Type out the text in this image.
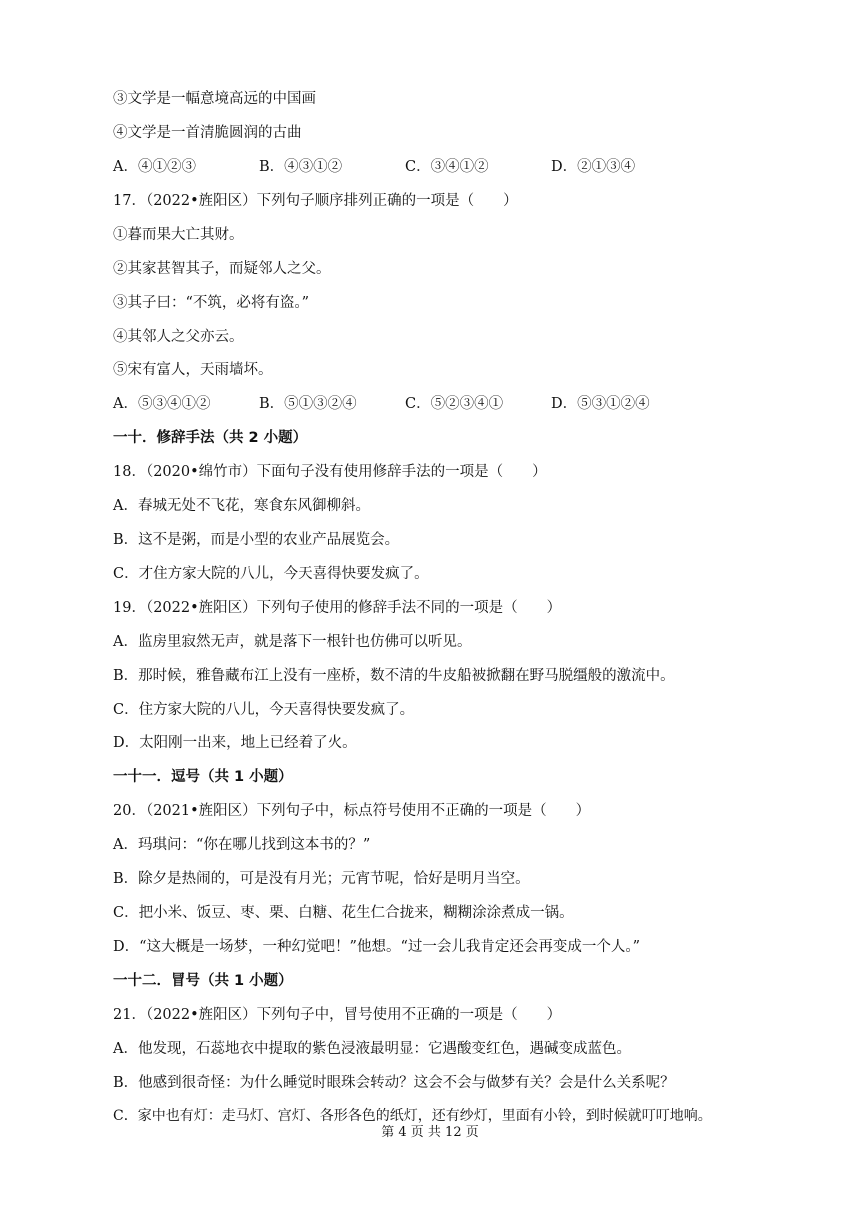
③文学是一幅意境高远的中国画
④文学是一首清脆圆润的古曲
A．④①②③	B．④③①②	C．③④①②	D．②①③④
17．（2022•旌阳区）下列句子顺序排列正确的一项是（　　）
①暮而果大亡其财。
②其家甚智其子，而疑邻人之父。
③其子曰：“不筑，必将有盗。”
④其邻人之父亦云。
⑤宋有富人，天雨墙坏。
A．⑤③④①②	B．⑤①③②④	C．⑤②③④①	D．⑤③①②④
一十．修辞手法（共 2 小题）
18．（2020•绵竹市）下面句子没有使用修辞手法的一项是（　　）
A．春城无处不飞花，寒食东风御柳斜。
B．这不是粥，而是小型的农业产品展览会。
C．才住方家大院的八儿，今天喜得快要发疯了。
19．（2022•旌阳区）下列句子使用的修辞手法不同的一项是（　　）
A．监房里寂然无声，就是落下一根针也仿佛可以听见。
B．那时候，雅鲁藏布江上没有一座桥，数不清的牛皮船被掀翻在野马脱缰般的激流中。
C．住方家大院的八儿，今天喜得快要发疯了。
D．太阳刚一出来，地上已经着了火。
一十一．逗号（共 1 小题）
20．（2021•旌阳区）下列句子中，标点符号使用不正确的一项是（　　）
A．玛琪问：“你在哪儿找到这本书的？”
B．除夕是热闹的，可是没有月光；元宵节呢，恰好是明月当空。
C．把小米、饭豆、枣、栗、白糖、花生仁合拢来，糊糊涂涂煮成一锅。
D．“这大概是一场梦，一种幻觉吧！”他想。“过一会儿我肯定还会再变成一个人。”
一十二．冒号（共 1 小题）
21．（2022•旌阳区）下列句子中，冒号使用不正确的一项是（　　）
A．他发现，石蕊地衣中提取的紫色浸液最明显：它遇酸变红色，遇碱变成蓝色。
B．他感到很奇怪：为什么睡觉时眼珠会转动？这会不会与做梦有关？会是什么关系呢？
C．家中也有灯：走马灯、宫灯、各形各色的纸灯，还有纱灯，里面有小铃，到时候就叮叮地响。
第 4 页 共 12 页
